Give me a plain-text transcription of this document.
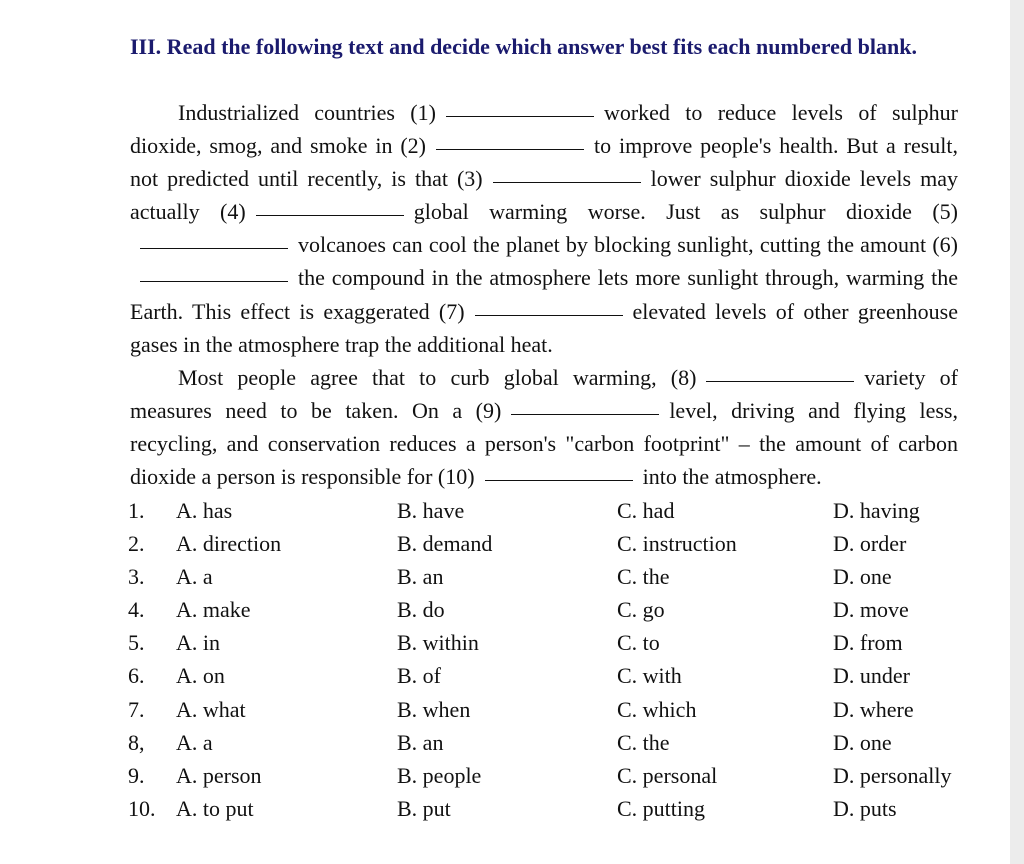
III. Read the following text and decide which answer best fits each numbered blank.

Industrialized countries (1)	worked to reduce levels of sulphur dioxide, smog, and smoke in (2)	to improve people's health. But a result, not predicted until recently, is that (3)	lower sulphur dioxide levels may actually (4)	global warming worse. Just as sulphur dioxide (5)volcanoes can cool the planet by blocking sunlight, cutting the amount (6)the compound in the atmosphere lets more sunlight through, warming the Earth. This effect is exaggerated (7)	elevated levels of other greenhouse gases in the atmosphere trap the additional heat.

Most people agree that to curb global warming, (8)	variety of measures need to be taken. On a (9)	level, driving and flying less, recycling, and conservation reduces a person's "carbon footprint" – the amount of carbon dioxide a person is responsible for (10)	into the atmosphere.

1. A. has	B. have	C. had	D. having
2. A. direction	B. demand	C. instruction	D. order
3. A. a	B. an	C. the	D. one
4. A. make	B. do	C. go	D. move
5. A. in	B. within	C. to	D. from
6. A. on	B. of	C. with	D. under
7. A. what	B. when	C. which	D. where
8, A. a	B. an	C. the	D. one
9. A. person	B. people	C. personal	D. personally
10. A. to put	B. put	C. putting	D. puts
